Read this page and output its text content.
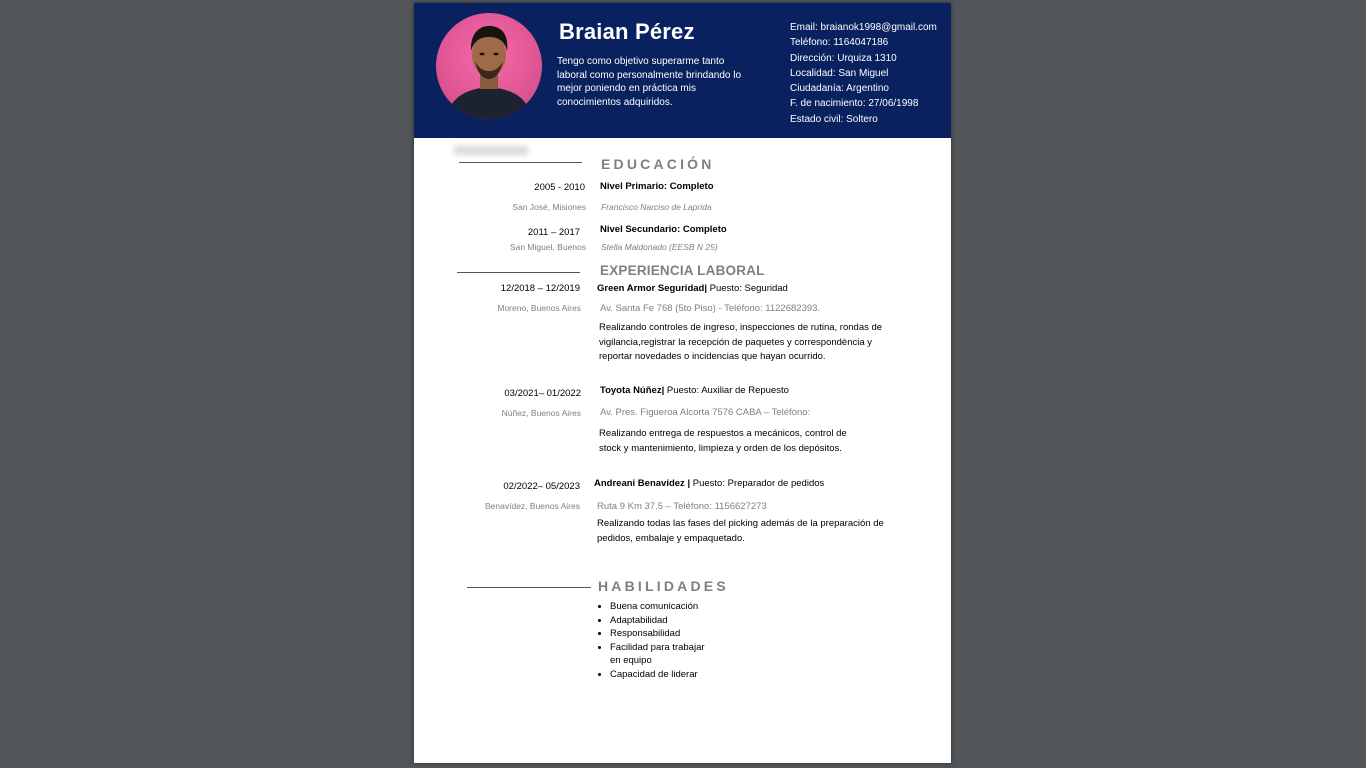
Braian Pérez
Tengo como objetivo superarme tanto laboral como personalmente brindando lo mejor poniendo en práctica mis conocimientos adquiridos.
Email: braianok1998@gmail.com
Teléfono: 1164047186
Dirección: Urquiza 1310
Localidad: San Miguel
Ciudadanía: Argentino
F. de nacimiento: 27/06/1998
Estado civil: Soltero
EDUCACIÓN
2005 - 2010 Nivel Primario: Completo
San José, Misiones Francisco Narciso de Laprida
2011 – 2017 Nivel Secundario: Completo
San Miguel, Buenos Stella Maldonado (EESB N 25)
EXPERIENCIA LABORAL
12/2018 – 12/2019 Green Armor Seguridad| Puesto: Seguridad
Moreno, Buenos Aires Av. Santa Fe 768 (5to Piso) - Teléfono: 1122682393.
Realizando controles de ingreso, inspecciones de rutina, rondas de vigilancia,registrar la recepción de paquetes y correspondència y reportar novedades o incidencias que hayan ocurrido.
03/2021– 01/2022 Toyota Núñez| Puesto: Auxiliar de Repuesto
Núñez, Buenos Aires Av. Pres. Figueroa Alcorta 7576 CABA – Teléfono:
Realizando entrega de respuestos a mecánicos, control de stock y mantenimiento, limpieza y orden de los depósitos.
02/2022– 05/2023 Andreani Benavidez | Puesto: Preparador de pedidos
Benavídez, Buenos Aires Ruta 9 Km 37.5 – Teléfono: 1156627273
Realizando todas las fases del picking además de la preparación de pedidos, embalaje y empaquetado.
HABILIDADES
• Buena comunicación
• Adaptabilidad
• Responsabilidad
• Facilidad para trabajar en equipo
• Capacidad de liderar
